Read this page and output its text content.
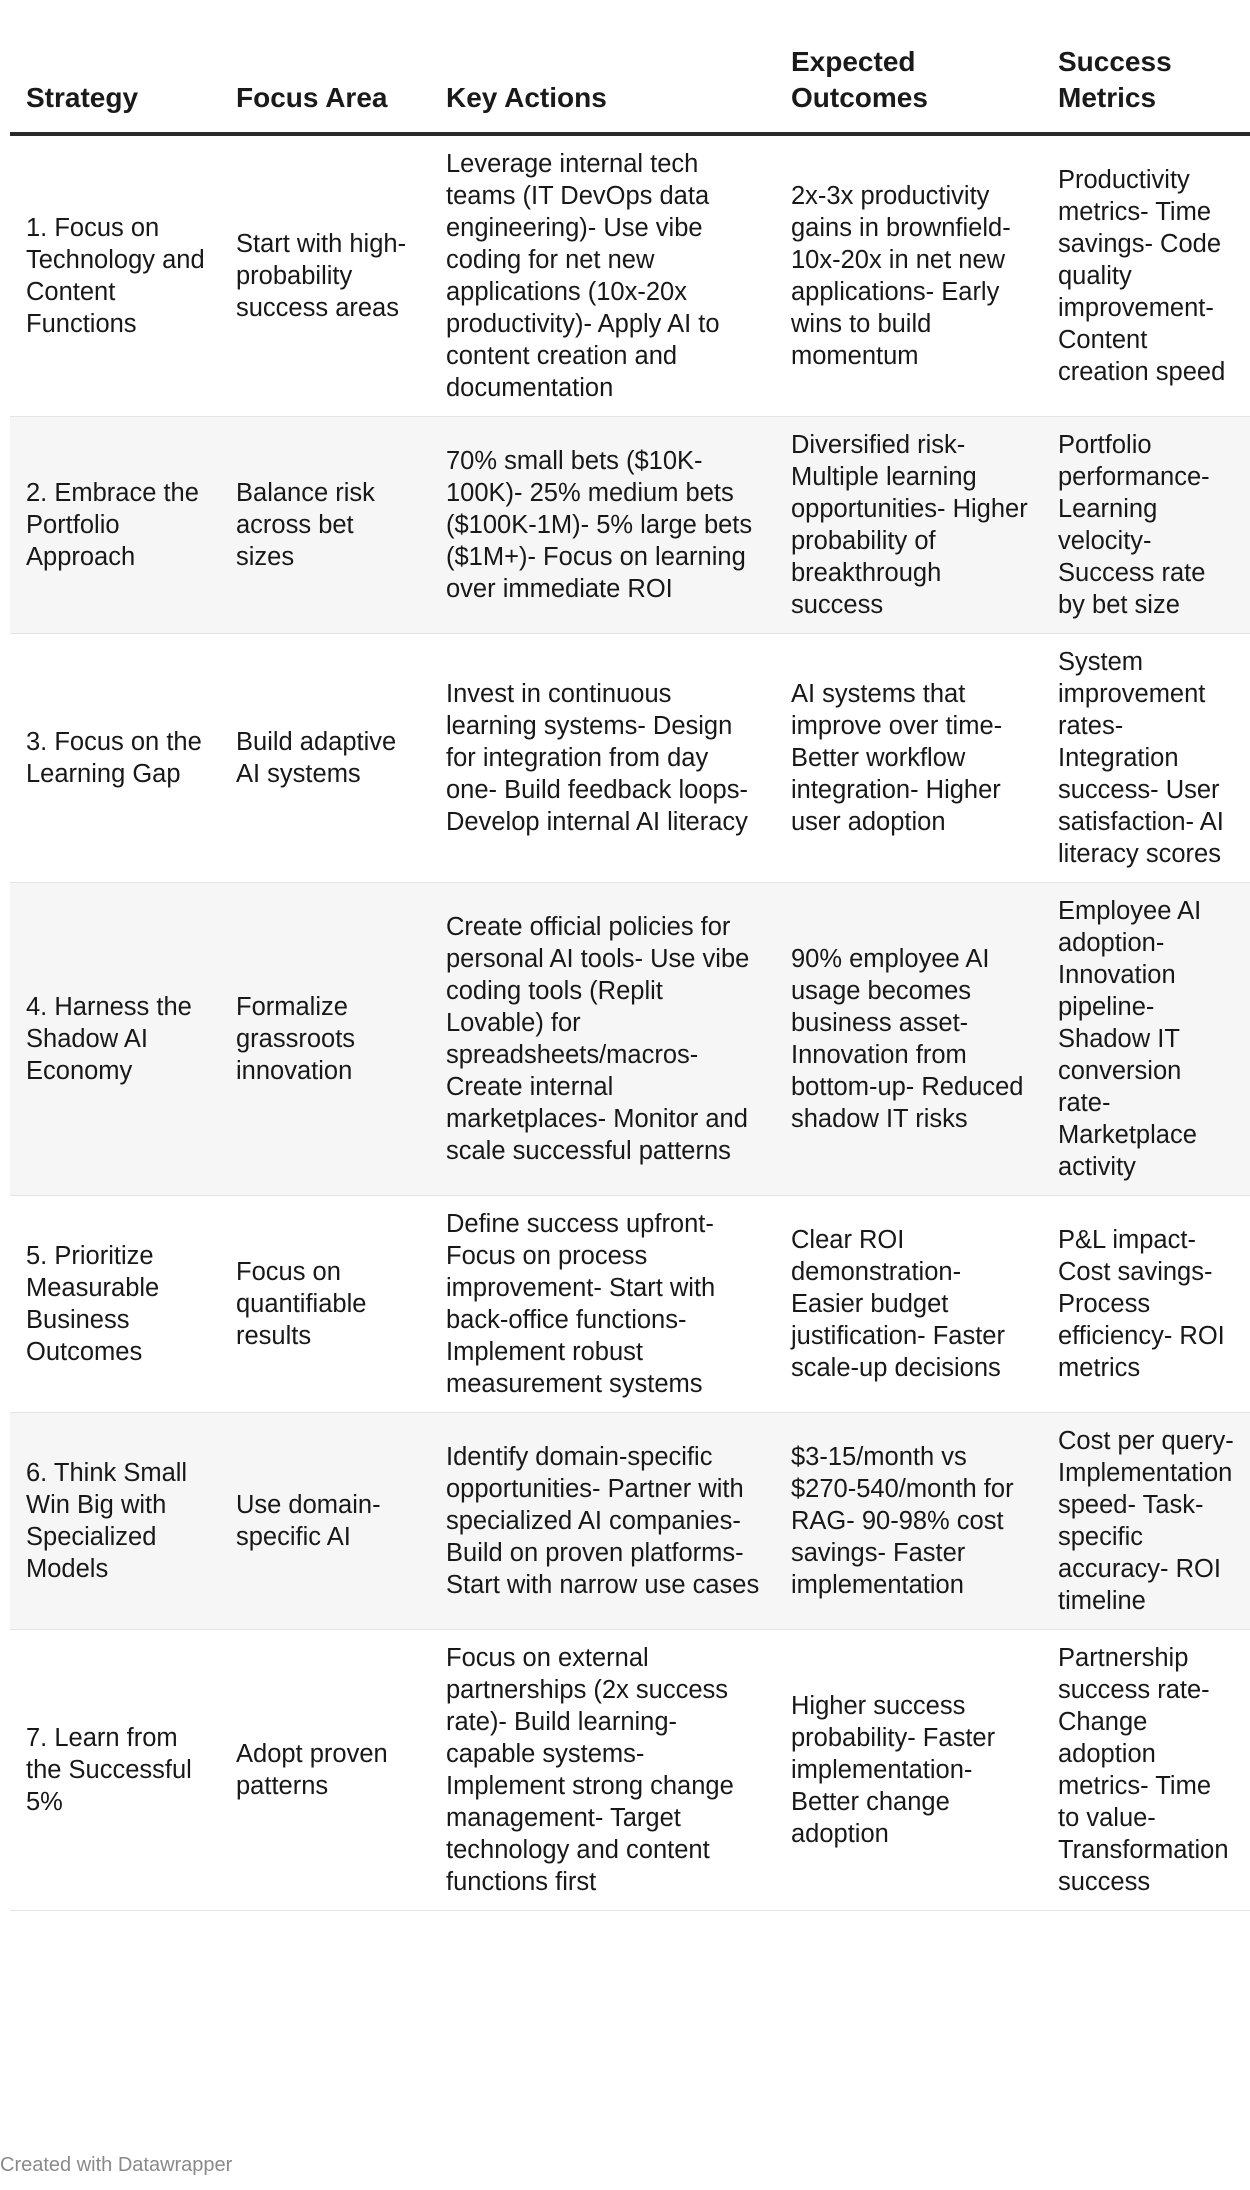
Strategy	Focus Area	Key Actions	Expected Outcomes	Success Metrics
1. Focus on Technology and Content Functions	Start with high-probability success areas	Leverage internal tech teams (IT DevOps data engineering)- Use vibe coding for net new applications (10x-20x productivity)- Apply AI to content creation and documentation	2x-3x productivity gains in brownfield- 10x-20x in net new applications- Early wins to build momentum	Productivity metrics- Time savings- Code quality improvement- Content creation speed
2. Embrace the Portfolio Approach	Balance risk across bet sizes	70% small bets ($10K-100K)- 25% medium bets ($100K-1M)- 5% large bets ($1M+)- Focus on learning over immediate ROI	Diversified risk- Multiple learning opportunities- Higher probability of breakthrough success	Portfolio performance- Learning velocity- Success rate by bet size
3. Focus on the Learning Gap	Build adaptive AI systems	Invest in continuous learning systems- Design for integration from day one- Build feedback loops- Develop internal AI literacy	AI systems that improve over time- Better workflow integration- Higher user adoption	System improvement rates- Integration success- User satisfaction- AI literacy scores
4. Harness the Shadow AI Economy	Formalize grassroots innovation	Create official policies for personal AI tools- Use vibe coding tools (Replit Lovable) for spreadsheets/macros- Create internal marketplaces- Monitor and scale successful patterns	90% employee AI usage becomes business asset- Innovation from bottom-up- Reduced shadow IT risks	Employee AI adoption- Innovation pipeline- Shadow IT conversion rate- Marketplace activity
5. Prioritize Measurable Business Outcomes	Focus on quantifiable results	Define success upfront- Focus on process improvement- Start with back-office functions- Implement robust measurement systems	Clear ROI demonstration- Easier budget justification- Faster scale-up decisions	P&L impact- Cost savings- Process efficiency- ROI metrics
6. Think Small Win Big with Specialized Models	Use domain-specific AI	Identify domain-specific opportunities- Partner with specialized AI companies- Build on proven platforms- Start with narrow use cases	$3-15/month vs $270-540/month for RAG- 90-98% cost savings- Faster implementation	Cost per query- Implementation speed- Task-specific accuracy- ROI timeline
7. Learn from the Successful 5%	Adopt proven patterns	Focus on external partnerships (2x success rate)- Build learning-capable systems- Implement strong change management- Target technology and content functions first	Higher success probability- Faster implementation- Better change adoption	Partnership success rate- Change adoption metrics- Time to value- Transformation success
Created with Datawrapper
